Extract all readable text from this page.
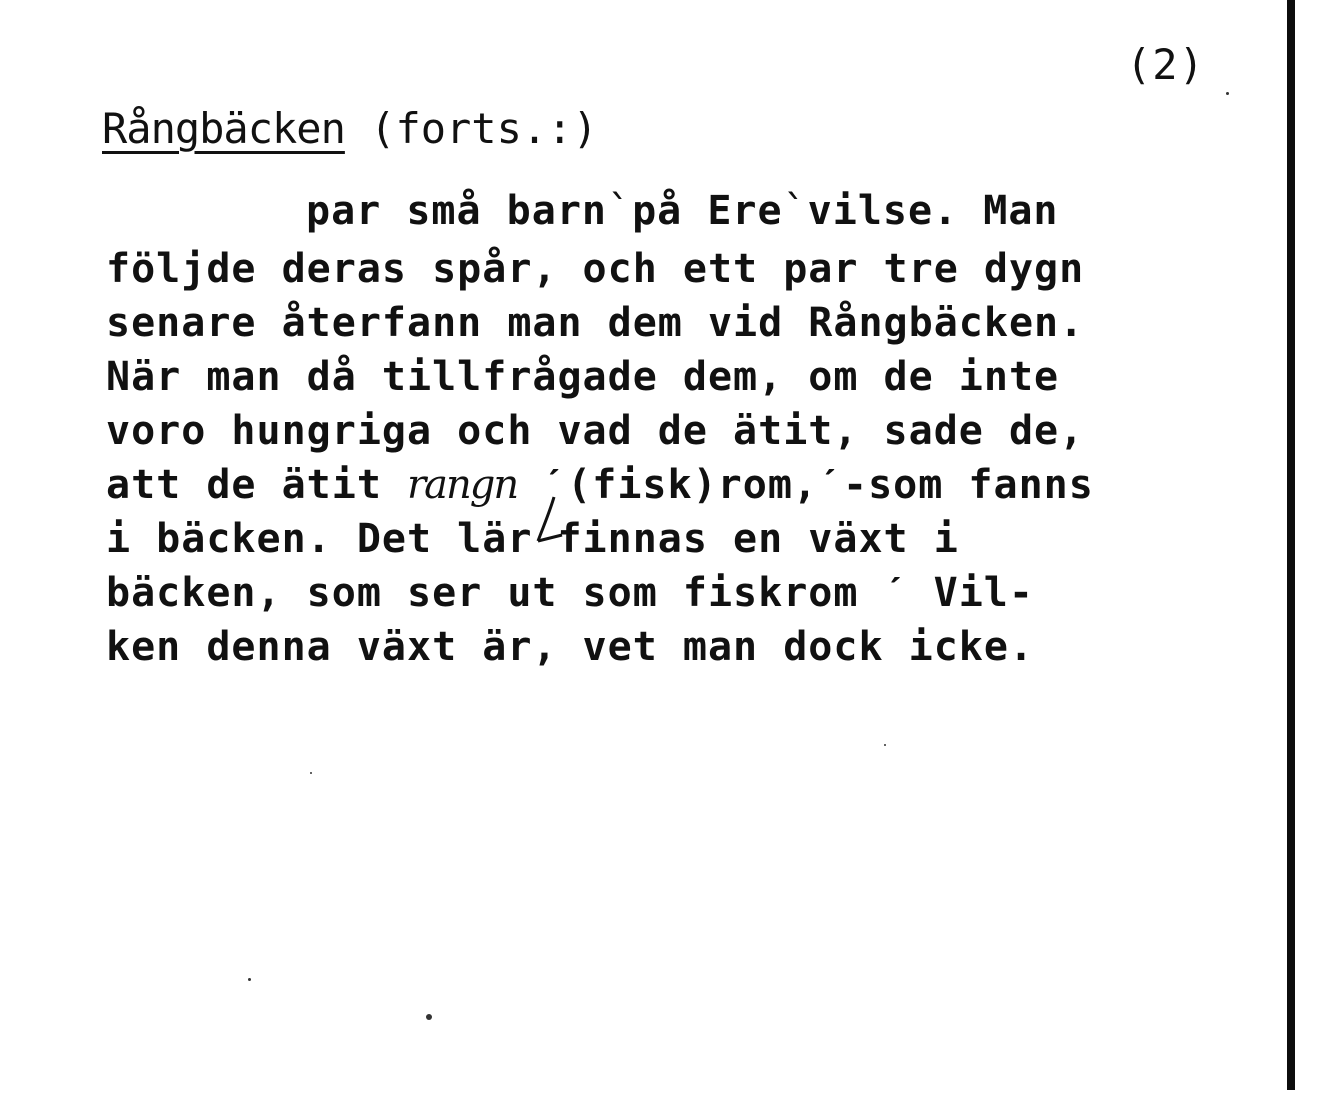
(2)
Rångbäcken (forts.:)
par små barn`på Ere`vilse. Man
följde deras spår, och ett par tre dygn
senare återfann man dem vid Rångbäcken.
När man då tillfrågade dem, om de inte
voro hungriga och vad de ätit, sade de,
att de ätit rangn ˊ(fisk)rom,ˊ-som fanns
i bäcken. Det lär finnas en växt i
bäcken, som ser ut som fiskrom ˊ Vil-
ken denna växt är, vet man dock icke.
